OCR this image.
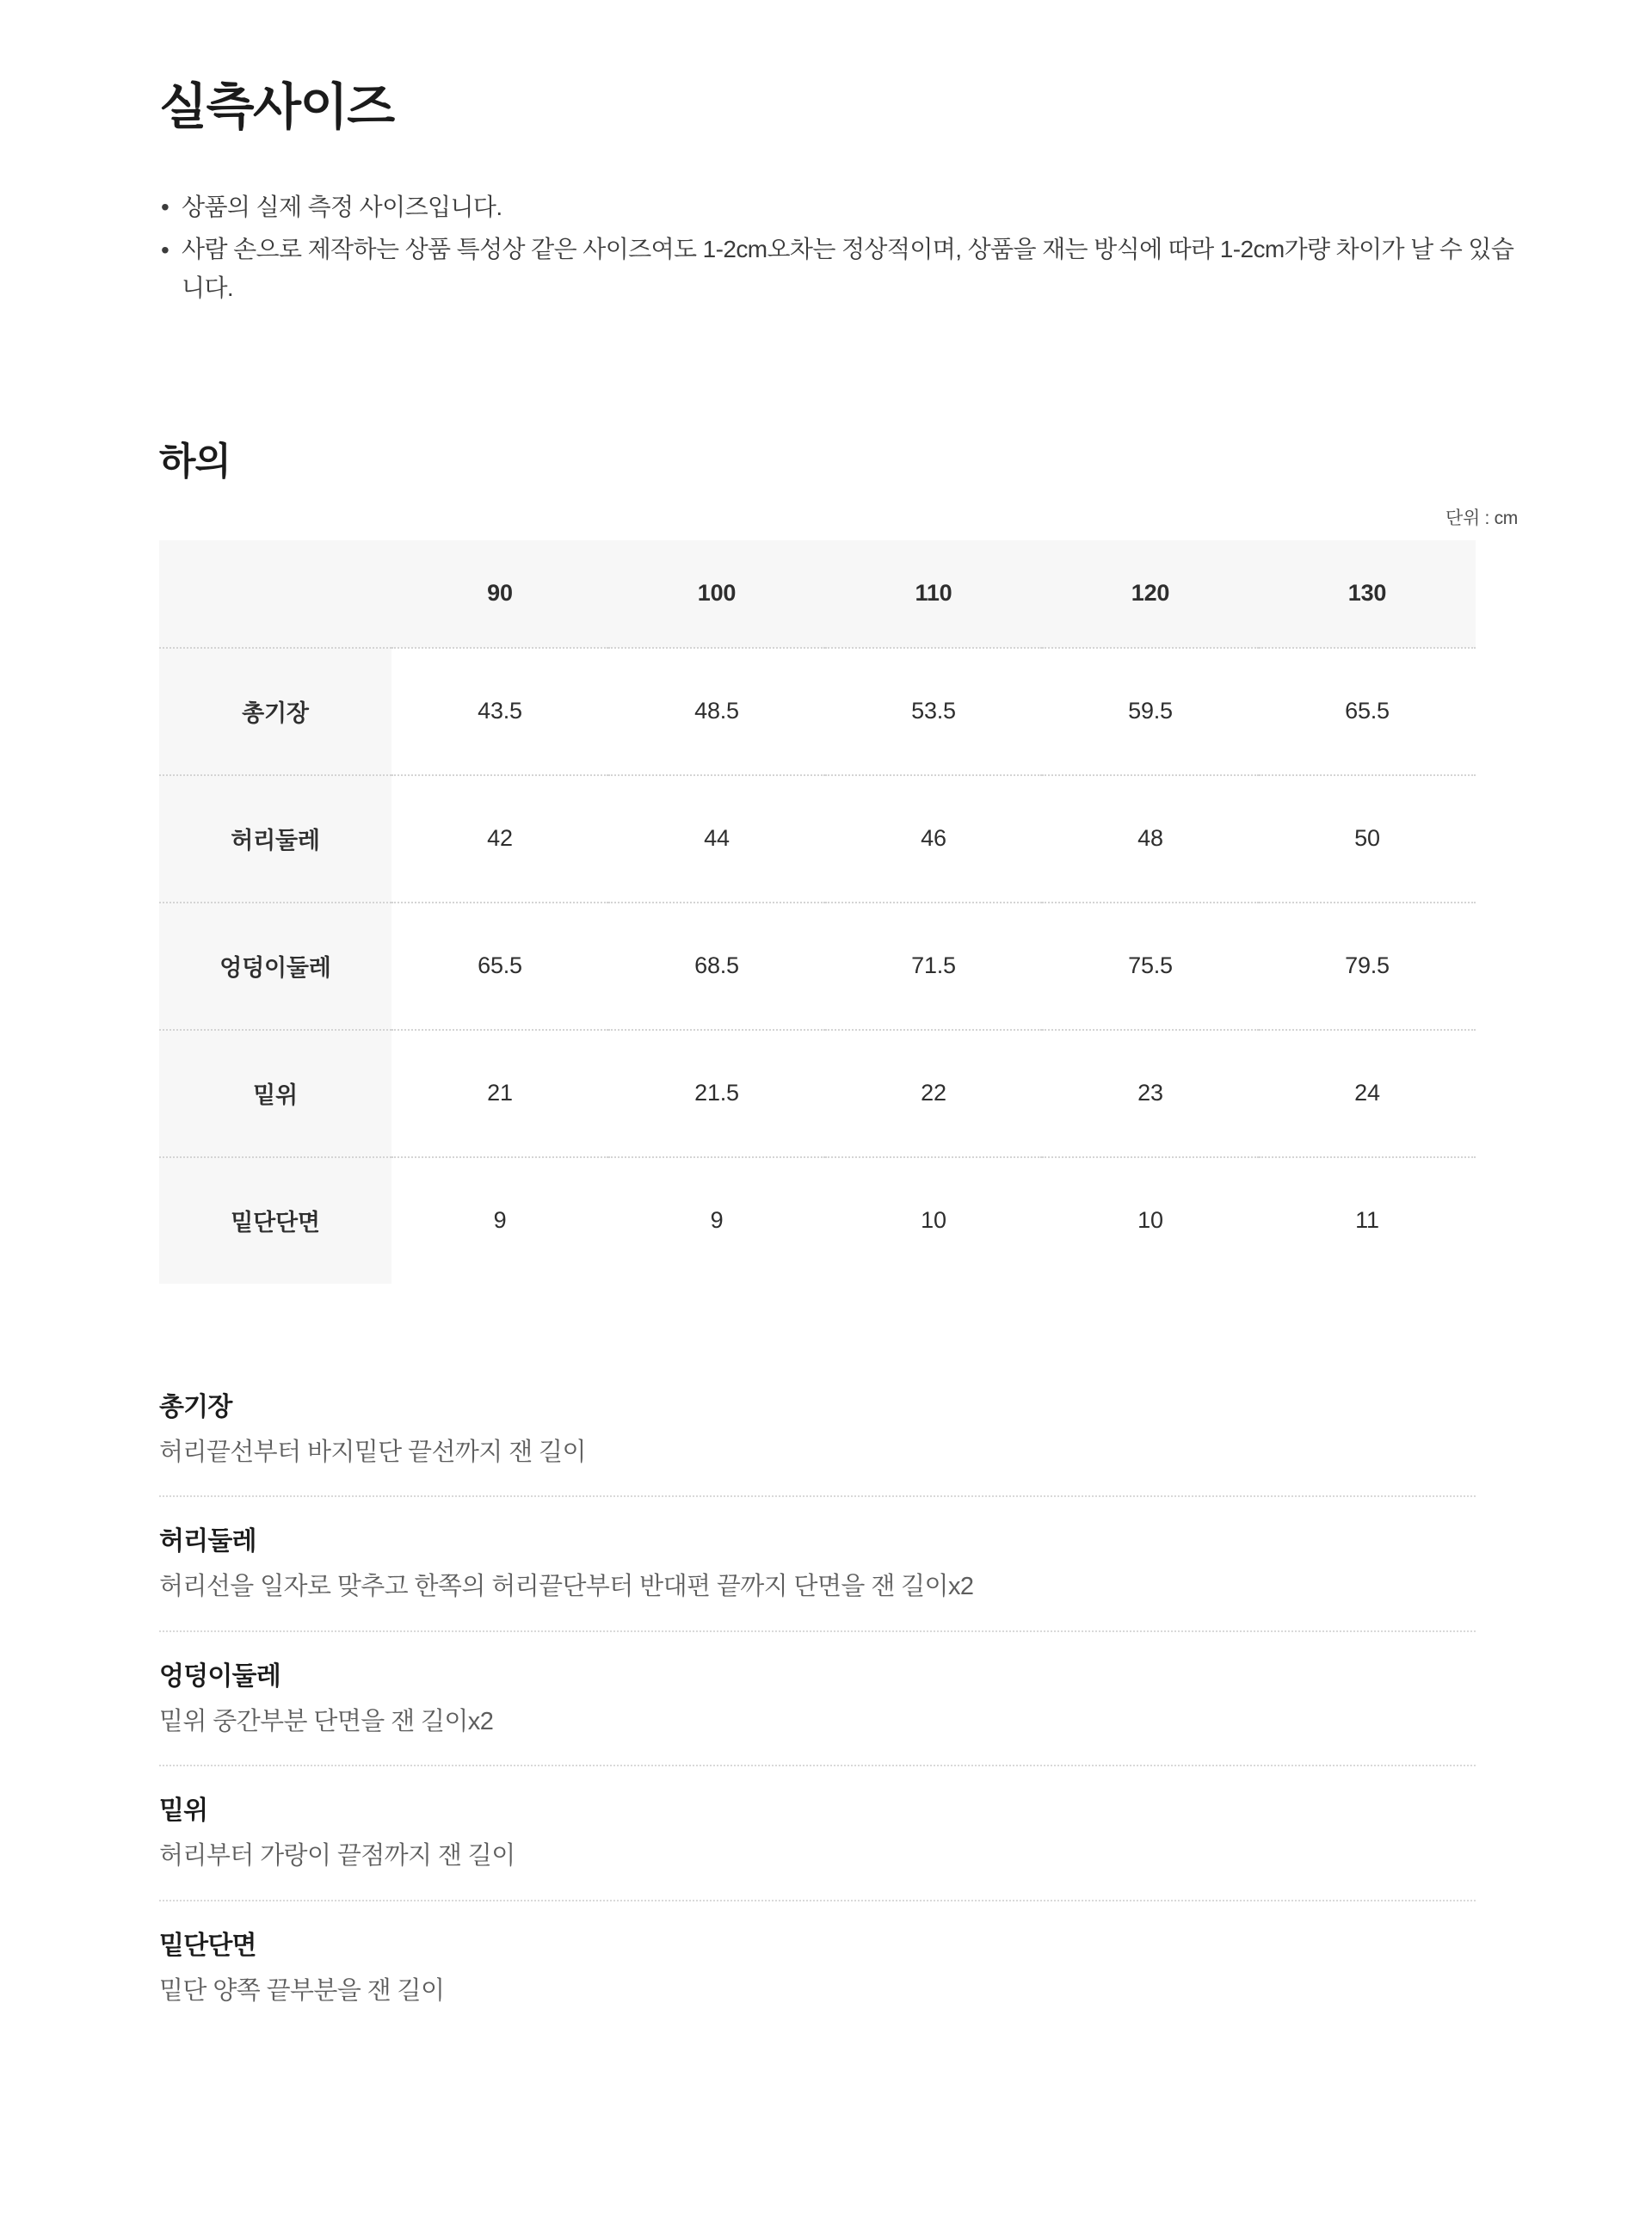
실측사이즈
• 상품의 실제 측정 사이즈입니다.
• 사람 손으로 제작하는 상품 특성상 같은 사이즈여도 1-2cm오차는 정상적이며, 상품을 재는 방식에 따라 1-2cm가량 차이가 날 수 있습니다.
하의
단위 : cm
	90	100	110	120	130
총기장	43.5	48.5	53.5	59.5	65.5
허리둘레	42	44	46	48	50
엉덩이둘레	65.5	68.5	71.5	75.5	79.5
밑위	21	21.5	22	23	24
밑단단면	9	9	10	10	11
총기장
허리끝선부터 바지밑단 끝선까지 잰 길이
허리둘레
허리선을 일자로 맞추고 한쪽의 허리끝단부터 반대편 끝까지 단면을 잰 길이x2
엉덩이둘레
밑위 중간부분 단면을 잰 길이x2
밑위
허리부터 가랑이 끝점까지 잰 길이
밑단단면
밑단 양쪽 끝부분을 잰 길이
